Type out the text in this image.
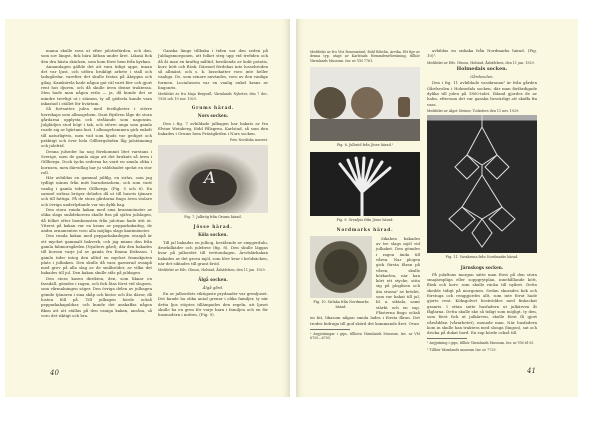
mama skulle sova ut efter julottefärden, och den, som sov längst, fick bära lätban under året. Likasä fick den dra bästa skäcken, som kom först hem från kyrkan.

Annandagen gällde det att vara tidigt uppe, innan det var ljust, och utföra brukligt arbete i stall och ladugårdar, varefter det skulle festas på Äkeppin och gilag. Kamkörela hade någon gat väl varit förr och gjort rent hos djuren, och då skulle även denne traktessa. Men hade man någon evila — ja, då kunde det se mindre trevligt ut i stämen, ty all gödsela kunde vara inkastad i stället för hvärtam.

Så fortsattes julen med festligheter i större herrskaps som allmogehem. Dant Byälven låge de stora gårdarna upplysta och strålande som nagonsin. Julglädjen stod högt i tak, och större unga som gamla roade sig av hjärtans lust. I allmogehemmen gick enkelt till naturligtvis, men vad som hjuds var gediget och präktigt och över hela Gillbergsbiden låg julstämning och julefrid.

Denna julseder ha nog förekommit litet varstans i Sverige, men de gamla säga att det brukats så även i Gillberga. Dock tycks sederna ha varit en smula olika i bornsen, men därvidlag har ju väldsbadet spelat en stor roll.

Här avbildas en gammal julfilg, en sirlus, som jag tydligt minns från mitt barndomshem, och som varit vanlig i gamla tiders Gillberga. (Fig. 5 och 6). En samsel sirlusa bröger delades då ut till husets tjänare och till fattiga. På de stora gårdarna fingo även stolare och övriga underlydande var sin dylik bag.

Den stora runda kakan med sina kransmönster av olika slags smådekorera skulle fira på själva julslagen, då folket efter hemkomsten från julottan hade ätit ut. Ytterst på kakan var en krans av pepparkakadeg, de andra ornamenten voro alla möjliga slags kantmönster.

Den runda kakan med pepparkakadegen ovanpå är ett mycket gammalt bakverk, och jag minns den från gamla fabmorsgården (Nyalters gård), där den bakades till borsen varje jul av gamla fru Emma Eriksson. I gamla tider intog den alltid en mycket framskjuten plats i julbaken. Den skulle då vara garnerad ovanpå med grev på alla slag av de småbröder, av vilka det bakades till jul. Den kakan skulle stås på juldagen.

Den stora kasen direkten, den, som liknar en fassdall, gömdes i ragen, och fick åtas först vid slogsen, som vårmalningen säger. Den övriga delen av julbagen gömde tjänaren i sina skåp och kistor och åto därav, då lusten föll på. Till julbagen hörde också pepparkakagubbar, och kunde det anskaffas någon fikon att att ställas på den vaniga kakan, ansåsa, så voro det riktigt och bra.

Ganska länge tillbaka i tiden var den seden på Juldagsmorgonen, att folket steg upp vid trefiden och då åt man en kraftig måltid, bestående av kokt potatis, korv, kött och fläsk. Därmed fördekas inte lussebroden så allmänt, och s. k. lussekatter voro inte heller vanliga. De, som senare användes, voro av den vanliga formen. Lucialussen var en vanlig enkel krans av lingonris.

Meddelat av fru Maja Bergvall, Värmlands Nyheter, den 7 dec. 1928 och 19 nov. 1929.
Grums härad.
Nors socken.

Den i fig. 7 avbildade julbagen har bakats av fru Elvine Weinberg, född Pålsgren, Karlstad, så som den bakades i Grums hem Prästgården i Nors socken.

Foto Nordiska museet.
A
Fig. 7. Julbrög från Grums härad.
Jösse härad.
Köla socken.

Till jul bakades en julbog, bestående av smygerdulu, druvkilkäder och julebrse (fig. 8). Den skulle läggas kvar på julbordet till trettondagen. Ärvdslärkakan bakades av det grova mjöl, som blev kvar i brödsäcken, när det siktades till grant bröd.

Meddelat av Edv. Olsson, Holstad, Åsbäfelsen, den 11 jan. 1929.
Älgå socken.
Ålgå gård.

En av julbordets viktigaste prydnader var grenljuset. Det kunde ha olika antal grenar i olika familjer, ty när detta ljus stöptes tillämpades den regeln, att ljuset skulle ha en gren för varje barn i familjen och en för husmodern i mitten. (Fig. 9).

40
Meddelat av fru Vivi Rosenmüssl, född Ribelin, Arvika. Ett fipr av denna typ, utapt av Karlstads Hemmdenrföreäning, tillhör Värmlands Museum. Inv. nr VM 7761.
Fig. 8. Julbröd från Jösse härad.¹
Fig. 9. Grenljus från Jösse härad.
Nordmarks härad.
Fig. 10. Sirlaka från Nordmarks härad.

Sikahen bakades av tre slags mjöl vid julbaket. Den gömdes i ragen ända till våren. Nar plogen gick första fåran på våren, skulle körkarlen, när han kört ett stycke, sitta sig på plogåsen och äta stussa² av brödet, som var bakat till jul, bl. a. siktala, samt stärkt och en sup. Flästerna fingo också en bit, likasom någon smula lades i första fåran. Det trodes bidraga till god skörd det kommande året. Ovan

¹ Avgjutningar i gips, tillhöra Värmlands Museum. Inv. nr VM 6705—6705.

avbildas en siskaka från Nordmarks härad. (Fig. 10)¹.

Meddelat av Edv. Olsson, Holstad, Åsbäfelsen, den 11 jan. 1929.
Holmedals socken.
Gårdsvolen.

Den i fig. 11 avbildade vasskronan² är från gården Gårdsvolen i Holmedals socken, där man förfärdigade dylika till julen på 1800-talet. Ibland gjordes de av halm, eftersom det var ganska besvärligt att skaffa fin vass.

Meddelat av Algot Steiner, Tocksfors den 11 nov. 1929.
Fig. 11. Vasskrona från Nordmarks härad.
Järnskogs socken.

På julaftons morgon sätte man först på den stora smajärnpliga eller soppgrytplan, innehållande kött, fläsk och korv, som skulle räcka till nyåret. Detta skedde tidigt på morgonen. Sedan skurades kok och förstuga och renggjordes allt, som inte förut hade gjorts rent. Köksgolvet beströddes med finhackat granris. I ottan satte husfadern ut julkärven åt fåglarna. Detta skulle ske så tidigt som möjligt, ty den, som först fick ut julkärven, skulle först få gjort vårsådden (vårarbetet), menade man. När husfadern kom in skulle han traktera med slonga (lingon), sat och dricka på dukat bord. En sup hörde också till.

¹ Avgjutning i gips, tillhör Värmlands Museum. Inv. nr VM 6193.
² Tillhör Värmlands museum Inv. nr 7729.
41
